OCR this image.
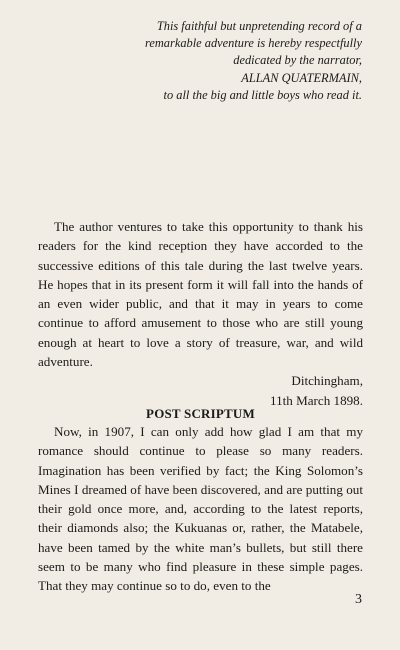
This faithful but unpretending record of a
remarkable adventure is hereby respectfully
dedicated by the narrator,
ALLAN QUATERMAIN,
to all the big and little boys who read it.

The author ventures to take this opportunity to thank his readers for the kind reception they have accorded to the successive editions of this tale during the last twelve years. He hopes that in its present form it will fall into the hands of an even wider public, and that it may in years to come continue to afford amusement to those who are still young enough at heart to love a story of treasure, war, and wild adventure.

Ditchingham,
11th March 1898.
POST SCRIPTUM

Now, in 1907, I can only add how glad I am that my romance should continue to please so many readers. Imagination has been verified by fact; the King Solomon’s Mines I dreamed of have been discovered, and are putting out their gold once more, and, according to the latest reports, their diamonds also; the Kukuanas or, rather, the Matabele, have been tamed by the white man’s bullets, but still there seem to be many who find pleasure in these simple pages. That they may continue so to do, even to the

3
